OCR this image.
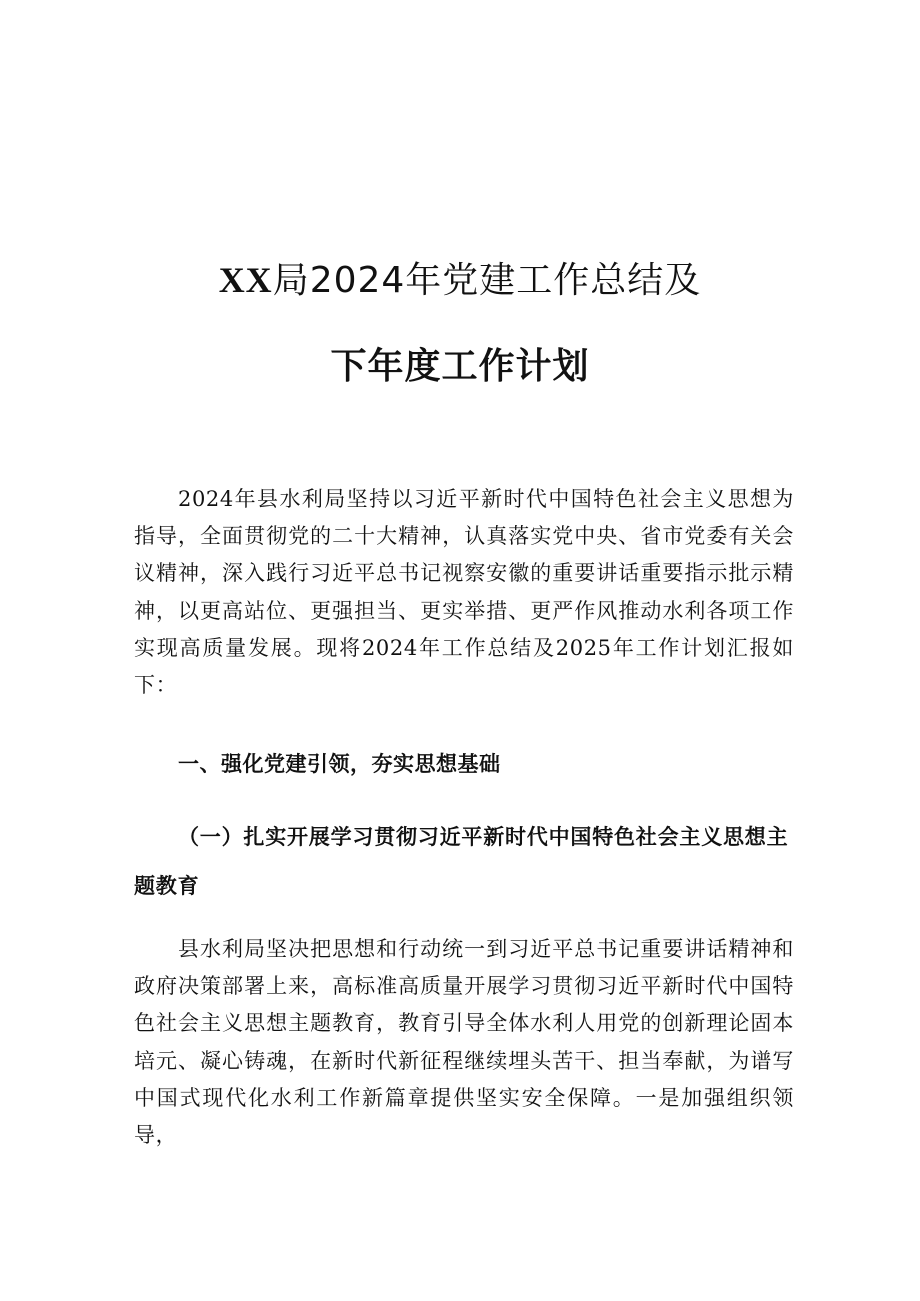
XX局2024年党建工作总结及
下年度工作计划

2024年县水利局坚持以习近平新时代中国特色社会主义思想为指导，全面贯彻党的二十大精神，认真落实党中央、省市党委有关会议精神，深入践行习近平总书记视察安徽的重要讲话重要指示批示精神，以更高站位、更强担当、更实举措、更严作风推动水利各项工作实现高质量发展。现将2024年工作总结及2025年工作计划汇报如下：

一、强化党建引领，夯实思想基础
（一）扎实开展学习贯彻习近平新时代中国特色社会主义思想主题教育

县水利局坚决把思想和行动统一到习近平总书记重要讲话精神和政府决策部署上来，高标准高质量开展学习贯彻习近平新时代中国特色社会主义思想主题教育，教育引导全体水利人用党的创新理论固本培元、凝心铸魂，在新时代新征程继续埋头苦干、担当奉献，为谱写中国式现代化水利工作新篇章提供坚实安全保障。一是加强组织领导，
